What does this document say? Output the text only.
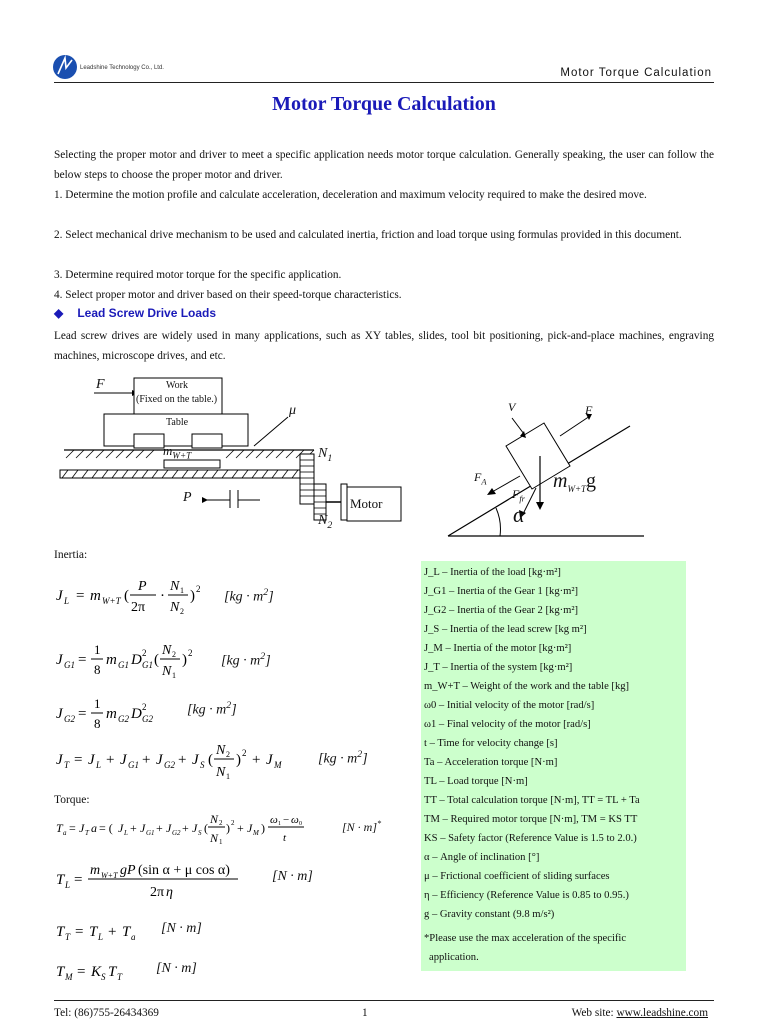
Leadshine Technology Co., Ltd.	Motor Torque Calculation
Motor Torque Calculation
Selecting the proper motor and driver to meet a specific application needs motor torque calculation. Generally speaking, the user can follow the below steps to choose the proper motor and driver.
1. Determine the motion profile and calculate acceleration, deceleration and maximum velocity required to make the desired move.
2. Select mechanical drive mechanism to be used and calculated inertia, friction and load torque using formulas provided in this document.
3. Determine required motor torque for the specific application.
4. Select proper motor and driver based on their speed-torque characteristics.
◆ Lead Screw Drive Loads
Lead screw drives are widely used in many applications, such as XY tables, slides, tool bit positioning, pick-and-place machines, engraving machines, microscope drives, and etc.
F	Work
(Fixed on the table.)
Table
μ
$m_{W+T}$	$N_1$
P
$N_2$
Motor
V	F
$F_A$
$F_{fr}$
$m_{W+T}g$
α
Inertia:
J L = m W+T (
P
2π
·
N 1
N 2
) 2
$[kg \cdot m^2]$
J G1 =
1
8
m G1 D 2
G1 (
N 2
N 1
) 2
$[kg \cdot m^2]$
J G2 =
1
8
m G2 D 2
G2
$[kg \cdot m^2]$
J T = J L + J G1 + J G2 + J S (
N 2
N 1
) 2 + J M	$[kg \cdot m^2]$
Torque:
T a = J T a = ( J L + J G1 + J G2 + J S (
N 2
N 1
) 2 + J M )
ω 1 − ω 0
t
[N · m]*
T L =
m W+T gP (sin α + μ cos α)
2π η
[N · m]
T T = T L + T a
[N · m]
T M = K S T T
[N · m]
J_L – Inertia of the load [kg·m²]
J_G1 – Inertia of the Gear 1 [kg·m²]
J_G2 – Inertia of the Gear 2 [kg·m²]
J_S – Inertia of the lead screw [kg m²]
J_M – Inertia of the motor [kg·m²]
J_T – Inertia of the system [kg·m²]
m_W+T – Weight of the work and the table [kg]
ω0 – Initial velocity of the motor [rad/s]
ω1 – Final velocity of the motor [rad/s]
t – Time for velocity change [s]
Ta – Acceleration torque [N·m]
TL – Load torque [N·m]
TT – Total calculation torque [N·m], TT = TL + Ta
TM – Required motor torque [N·m], TM = KS TT
KS – Safety factor (Reference Value is 1.5 to 2.0.)
α – Angle of inclination [°]
μ – Frictional coefficient of sliding surfaces
η – Efficiency (Reference Value is 0.85 to 0.95.)
g – Gravity constant (9.8 m/s²)
*Please use the max acceleration of the specific
application.
Tel: (86)755-26434369	1	Web site: www.leadshine.com
